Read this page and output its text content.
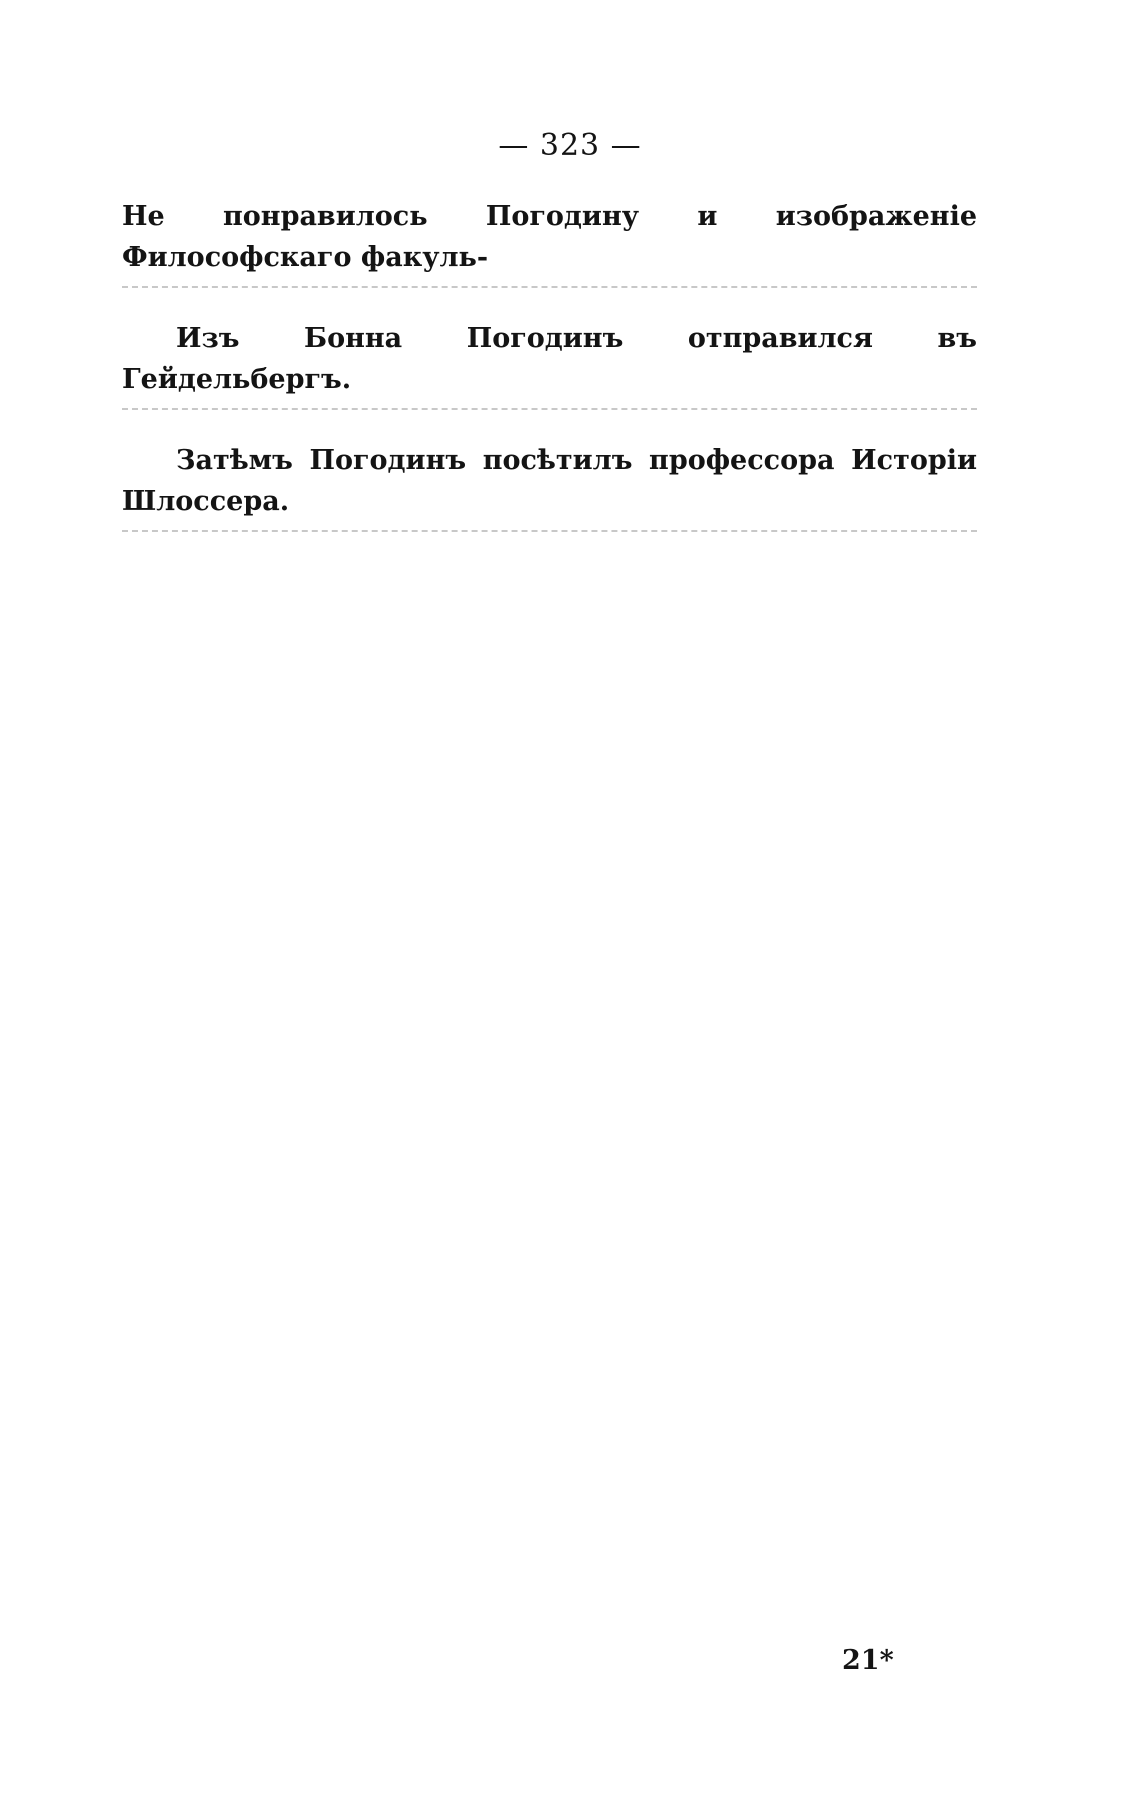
— 323 —

Не понравилось Погодину и изображеніе Философскаго факуль-

Изъ Бонна Погодинъ отправился въ Гейдельбергъ.

Затѣмъ Погодинъ посѣтилъ профессора Исторіи Шлоссера.

21*
